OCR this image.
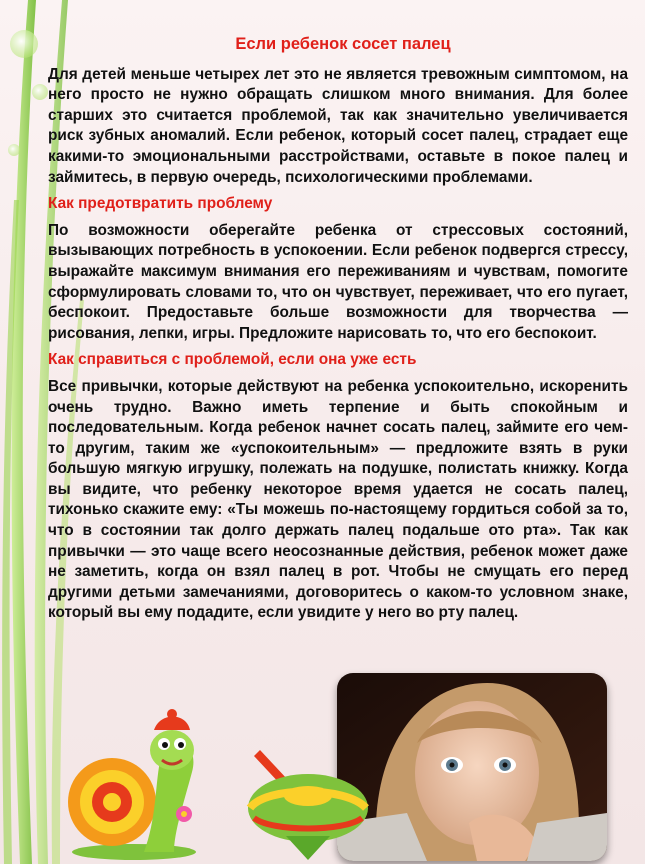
Если ребенок сосет палец
Для детей меньше четырех лет это не является тревожным симптомом, на него просто не нужно обращать слишком много внимания. Для более старших это считается проблемой, так как значительно увеличивается риск зубных аномалий. Если ребенок, который сосет палец, страдает еще какими-то эмоциональными расстройствами, оставьте в покое палец и займитесь, в первую очередь, психологическими проблемами.
Как предотвратить проблему
По возможности оберегайте ребенка от стрессовых состояний, вызывающих потребность в успокоении. Если ребенок подвергся стрессу, выражайте максимум внимания его переживаниям и чувствам, помогите сформулировать словами то, что он чувствует, переживает, что его пугает, беспокоит. Предоставьте больше возможности для творчества — рисования, лепки, игры. Предложите нарисовать то, что его беспокоит.
Как справиться с проблемой, если она уже есть
Все привычки, которые действуют на ребенка успокоительно, искоренить очень трудно. Важно иметь терпение и быть спокойным и последовательным. Когда ребенок начнет сосать палец, займите его чем-то другим, таким же «успокоительным» — предложите взять в руки большую мягкую игрушку, полежать на подушке, полистать книжку. Когда вы видите, что ребенку некоторое время удается не сосать палец, тихонько скажите ему: «Ты можешь по-настоящему гордиться собой за то, что в состоянии так долго держать палец подальше ото рта». Так как привычки — это чаще всего неосознанные действия, ребенок может даже не заметить, когда он взял палец в рот. Чтобы не смущать его перед другими детьми замечаниями, договоритесь о каком-то условном знаке, который вы ему подадите, если увидите у него во рту палец.
